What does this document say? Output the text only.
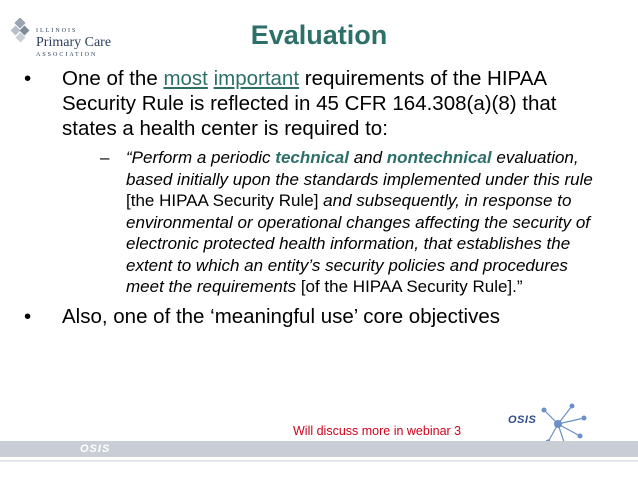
ILLINOIS
Primary Care
ASSOCIATION
Evaluation
• One of the most important requirements of the HIPAA Security Rule is reflected in 45 CFR 164.308(a)(8) that states a health center is required to:
– “Perform a periodic technical and nontechnical evaluation, based initially upon the standards implemented under this rule [the HIPAA Security Rule] and subsequently, in response to environmental or operational changes affecting the security of electronic protected health information, that establishes the extent to which an entity’s security policies and procedures meet the requirements [of the HIPAA Security Rule].”
• Also, one of the ‘meaningful use’ core objectives
Will discuss more in webinar 3
OSIS
OSIS
